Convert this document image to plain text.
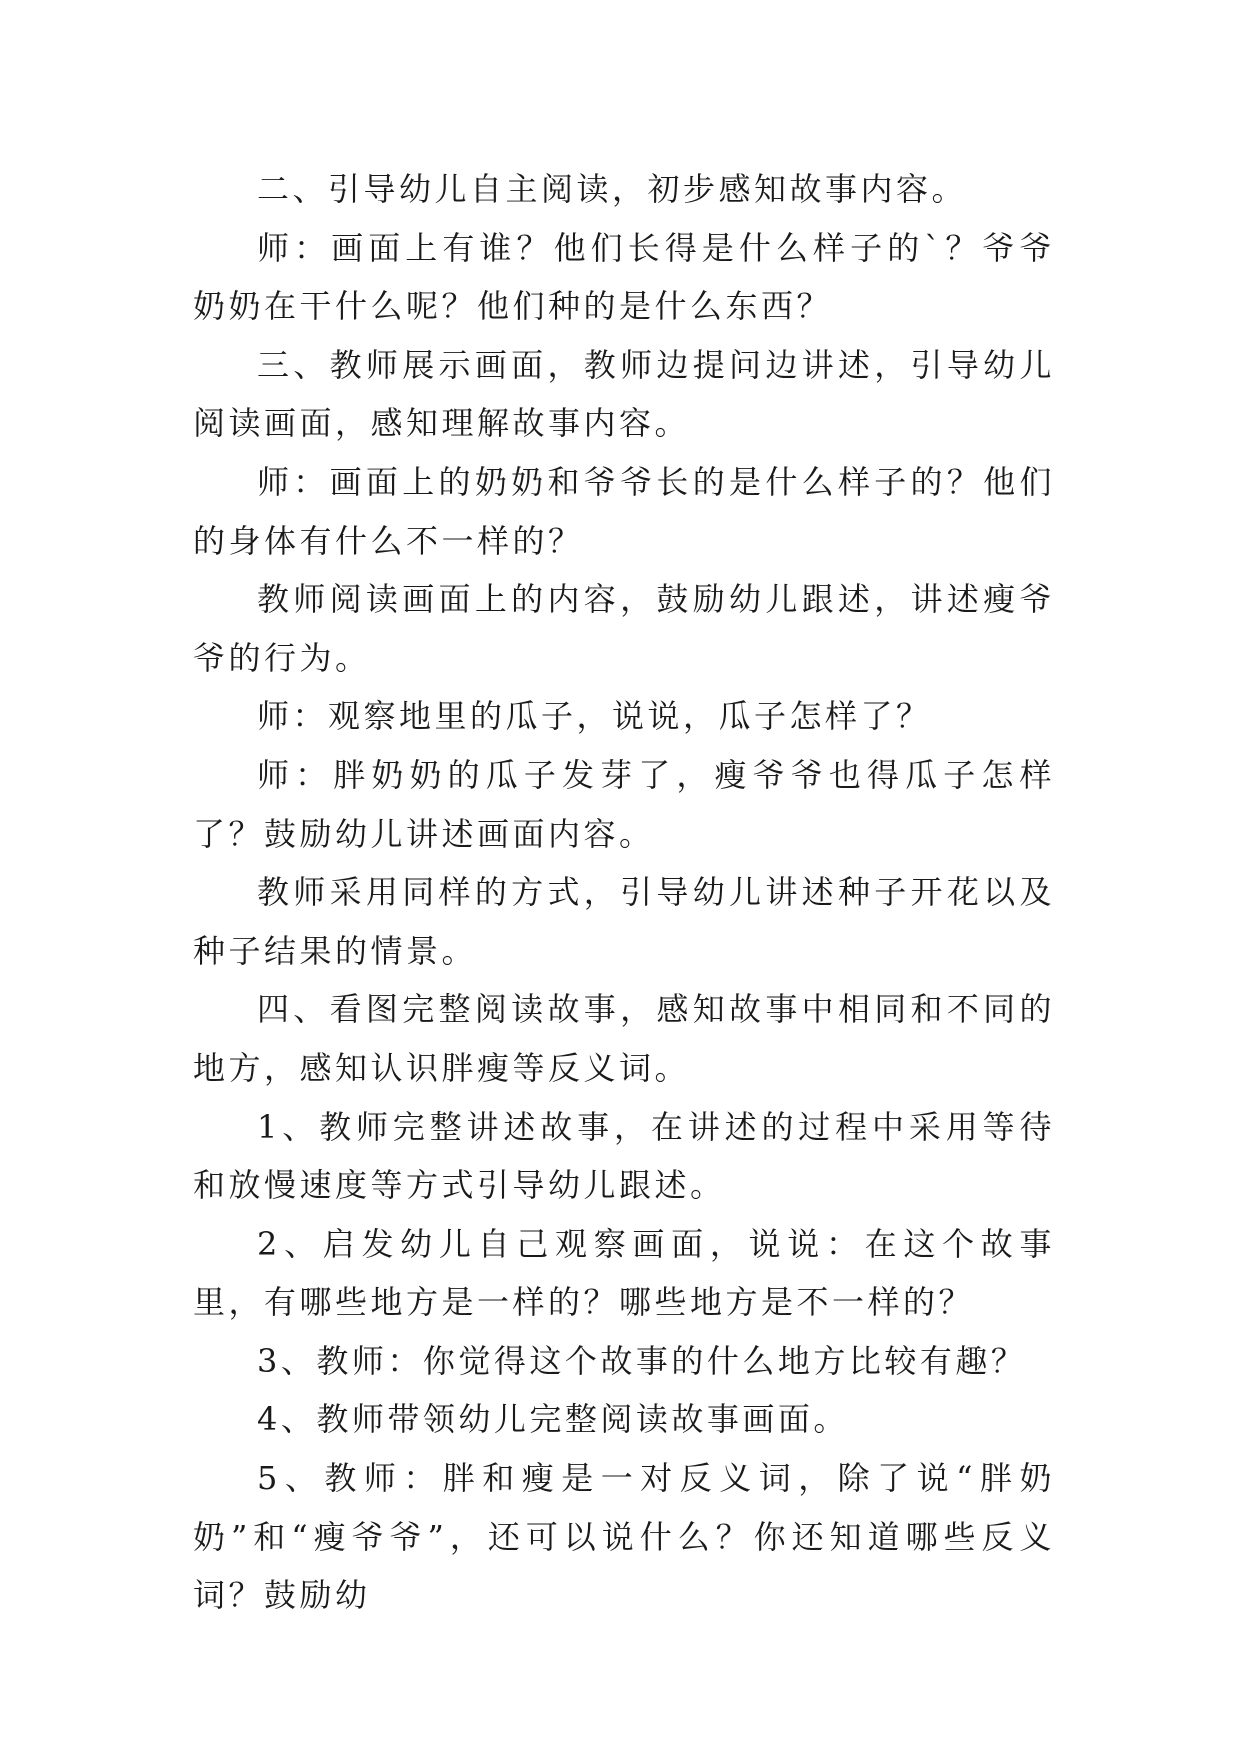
二、引导幼儿自主阅读，初步感知故事内容。

师：画面上有谁？他们长得是什么样子的`？爷爷奶奶在干什么呢？他们种的是什么东西？

三、教师展示画面，教师边提问边讲述，引导幼儿阅读画面，感知理解故事内容。

师：画面上的奶奶和爷爷长的是什么样子的？他们的身体有什么不一样的？

教师阅读画面上的内容，鼓励幼儿跟述，讲述瘦爷爷的行为。

师：观察地里的瓜子，说说，瓜子怎样了？

师：胖奶奶的瓜子发芽了，瘦爷爷也得瓜子怎样了？鼓励幼儿讲述画面内容。

教师采用同样的方式，引导幼儿讲述种子开花以及种子结果的情景。

四、看图完整阅读故事，感知故事中相同和不同的地方，感知认识胖瘦等反义词。

1、教师完整讲述故事，在讲述的过程中采用等待和放慢速度等方式引导幼儿跟述。

2、启发幼儿自己观察画面，说说：在这个故事里，有哪些地方是一样的？哪些地方是不一样的？

3、教师：你觉得这个故事的什么地方比较有趣？

4、教师带领幼儿完整阅读故事画面。

5、教师：胖和瘦是一对反义词，除了说“胖奶奶”和“瘦爷爷”，还可以说什么？你还知道哪些反义词？鼓励幼
